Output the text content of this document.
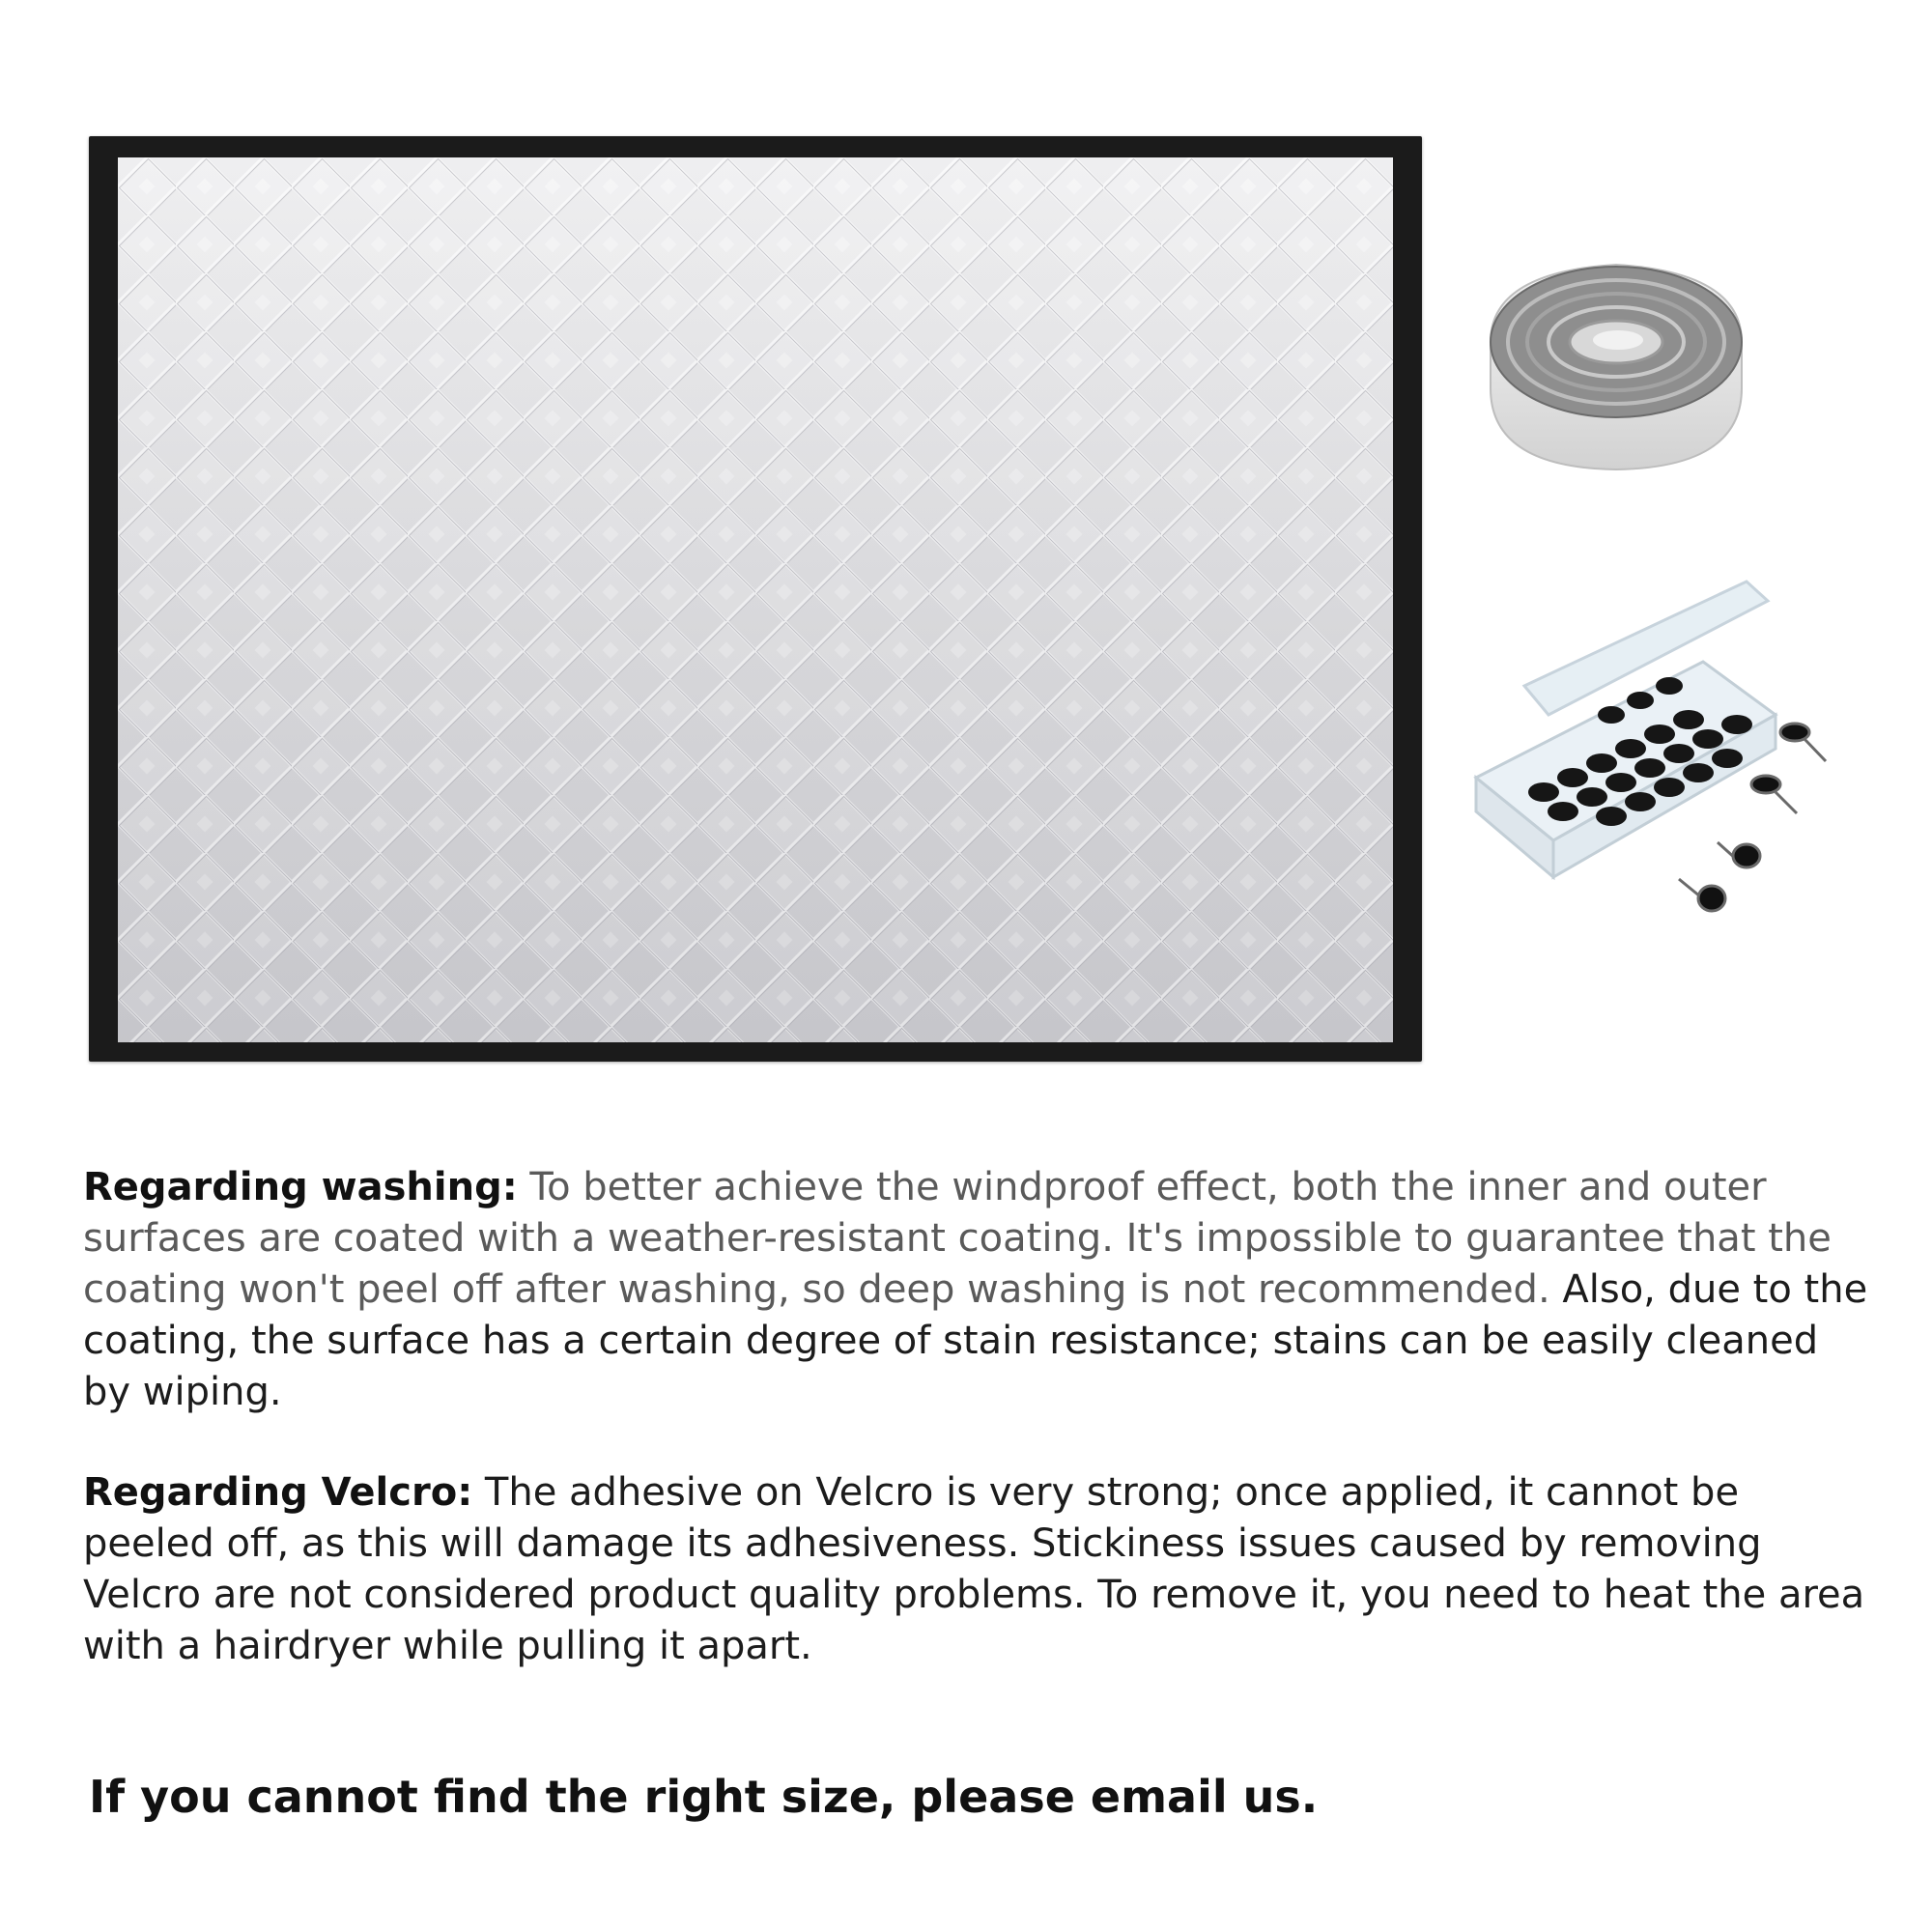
Regarding washing: To better achieve the windproof effect, both the inner and outer surfaces are coated with a weather-resistant coating. It's impossible to guarantee that the coating won't peel off after washing, so deep washing is not recommended. Also, due to the coating, the surface has a certain degree of stain resistance; stains can be easily cleaned by wiping.
Regarding Velcro: The adhesive on Velcro is very strong; once applied, it cannot be peeled off, as this will damage its adhesiveness. Stickiness issues caused by removing Velcro are not considered product quality problems. To remove it, you need to heat the area with a hairdryer while pulling it apart.
If you cannot find the right size, please email us.
